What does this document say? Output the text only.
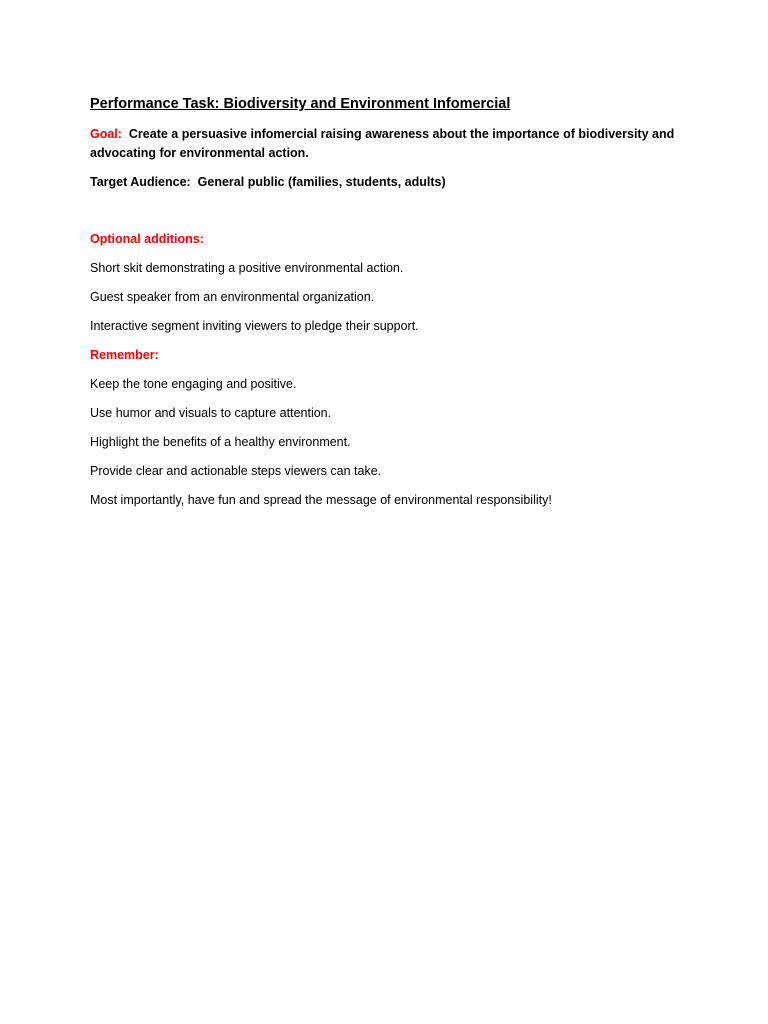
Performance Task: Biodiversity and Environment Infomercial
Goal: Create a persuasive infomercial raising awareness about the importance of biodiversity and advocating for environmental action.
Target Audience: General public (families, students, adults)
Optional additions:
Short skit demonstrating a positive environmental action.
Guest speaker from an environmental organization.
Interactive segment inviting viewers to pledge their support.
Remember:
Keep the tone engaging and positive.
Use humor and visuals to capture attention.
Highlight the benefits of a healthy environment.
Provide clear and actionable steps viewers can take.
Most importantly, have fun and spread the message of environmental responsibility!
